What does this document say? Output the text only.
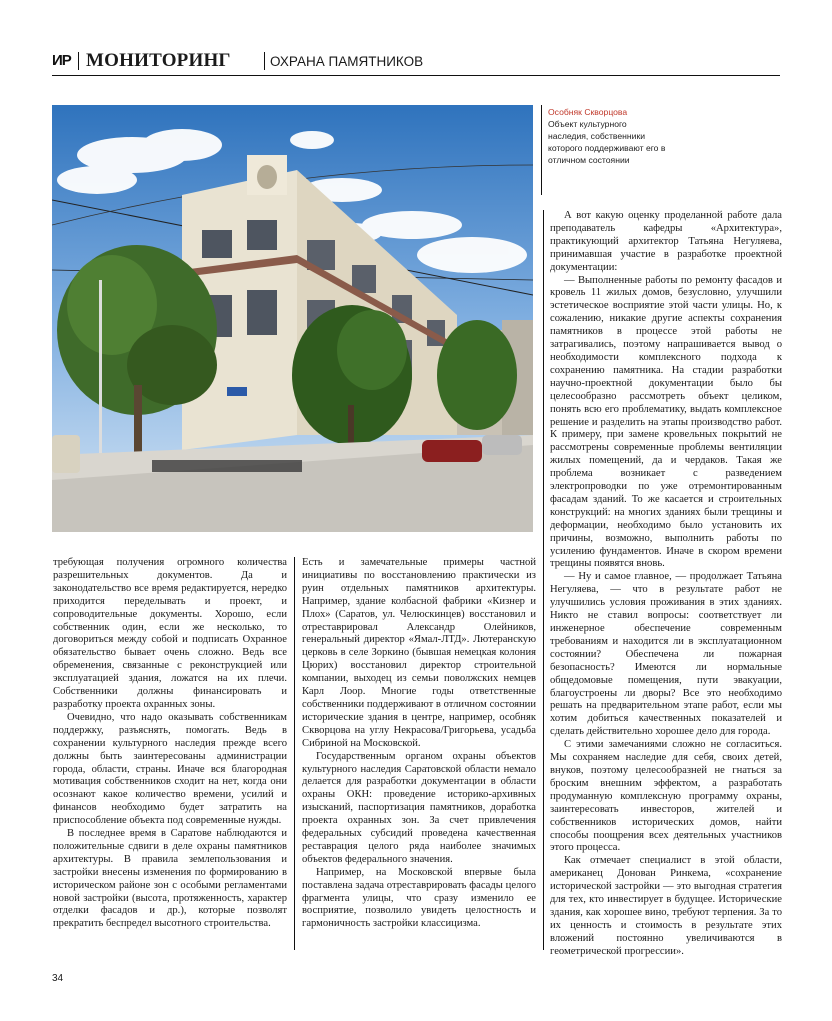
ИР МОНИТОРИНГ	ОХРАНА ПАМЯТНИКОВ
Особняк Скворцова
Объект культурного наследия, собственники которого поддерживают его в отличном состоянии

требующая получения огромного количества разрешительных документов. Да и законодательство все время редактируется, нередко приходится переделывать и проект, и сопроводительные документы. Хорошо, если собственник один, если же несколько, то договориться между собой и подписать Охранное обязательство бывает очень сложно. Ведь все обременения, связанные с реконструкцией или эксплуатацией здания, ложатся на их плечи. Собственники должны финансировать и разработку проекта охранных зоны.

Очевидно, что надо оказывать собственникам поддержку, разъяснять, помогать. Ведь в сохранении культурного наследия прежде всего должны быть заинтересованы администрации города, области, страны. Иначе вся благородная мотивация собственников сходит на нет, когда они осознают какое количество времени, усилий и финансов необходимо будет затратить на приспособление объекта под современные нужды.

В последнее время в Саратове наблюдаются и положительные сдвиги в деле охраны памятников архитектуры. В правила землепользования и застройки внесены изменения по формированию в историческом районе зон с особыми регламентами новой застройки (высота, протяженность, характер отделки фасадов и др.), которые позволят прекратить беспредел высотного строительства.

Есть и замечательные примеры частной инициативы по восстановлению практически из руин отдельных памятников архитектуры. Например, здание колбасной фабрики «Кизнер и Плох» (Саратов, ул. Челюскинцев) восстановил и отреставрировал Александр Олейников, генеральный директор «Ямал-ЛТД». Лютеранскую церковь в селе Зоркино (бывшая немецкая колония Цюрих) восстановил директор строительной компании, выходец из семьи поволжских немцев Карл Лоор. Многие годы ответственные собственники поддерживают в отличном состоянии исторические здания в центре, например, особняк Скворцова на углу Некрасова/Григорьева, усадьба Сибриной на Московской.

Государственным органом охраны объектов культурного наследия Саратовской области немало делается для разработки документации в области охраны ОКН: проведение историко-архивных изысканий, паспортизация памятников, доработка проекта охранных зон. За счет привлечения федеральных субсидий проведена качественная реставрация целого ряда наиболее значимых объектов федерального значения.

Например, на Московской впервые была поставлена задача отреставрировать фасады целого фрагмента улицы, что сразу изменило ее восприятие, позволило увидеть целостность и гармоничность застройки классицизма.

А вот какую оценку проделанной работе дала преподаватель кафедры «Архитектура», практикующий архитектор Татьяна Негуляева, принимавшая участие в разработке проектной документации:

— Выполненные работы по ремонту фасадов и кровель 11 жилых домов, безусловно, улучшили эстетическое восприятие этой части улицы. Но, к сожалению, никакие другие аспекты сохранения памятников в процессе этой работы не затрагивались, поэтому напрашивается вывод о необходимости комплексного подхода к сохранению памятника. На стадии разработки научно-проектной документации было бы целесообразно рассмотреть объект целиком, понять всю его проблематику, выдать комплексное решение и разделить на этапы производство работ. К примеру, при замене кровельных покрытий не рассмотрены современные проблемы вентиляции жилых помещений, да и чердаков. Такая же проблема возникает с разведением электропроводки по уже отремонтированным фасадам зданий. То же касается и строительных конструкций: на многих зданиях были трещины и деформации, необходимо было установить их причины, возможно, выполнить работы по усилению фундаментов. Иначе в скором времени трещины появятся вновь.

— Ну и самое главное, — продолжает Татьяна Негуляева, — что в результате работ не улучшились условия проживания в этих зданиях. Никто не ставил вопросы: соответствует ли инженерное обеспечение современным требованиям и находится ли в эксплуатационном состоянии? Обеспечена ли пожарная безопасность? Имеются ли нормальные общедомовые помещения, пути эвакуации, благоустроены ли дворы? Все это необходимо решать на предварительном этапе работ, если мы хотим добиться качественных показателей и сделать действительно хорошее дело для города.

С этими замечаниями сложно не согласиться. Мы сохраняем наследие для себя, своих детей, внуков, поэтому целесообразней не гнаться за броским внешним эффектом, а разработать продуманную комплексную программу охраны, заинтересовать инвесторов, жителей и собственников исторических домов, найти способы поощрения всех деятельных участников этого процесса.

Как отмечает специалист в этой области, американец Донован Ринкема, «сохранение исторической застройки — это выгодная стратегия для тех, кто инвестирует в будущее. Исторические здания, как хорошее вино, требуют терпения. За то их ценность и стоимость в результате этих вложений постоянно увеличиваются в геометрической прогрессии».

34
